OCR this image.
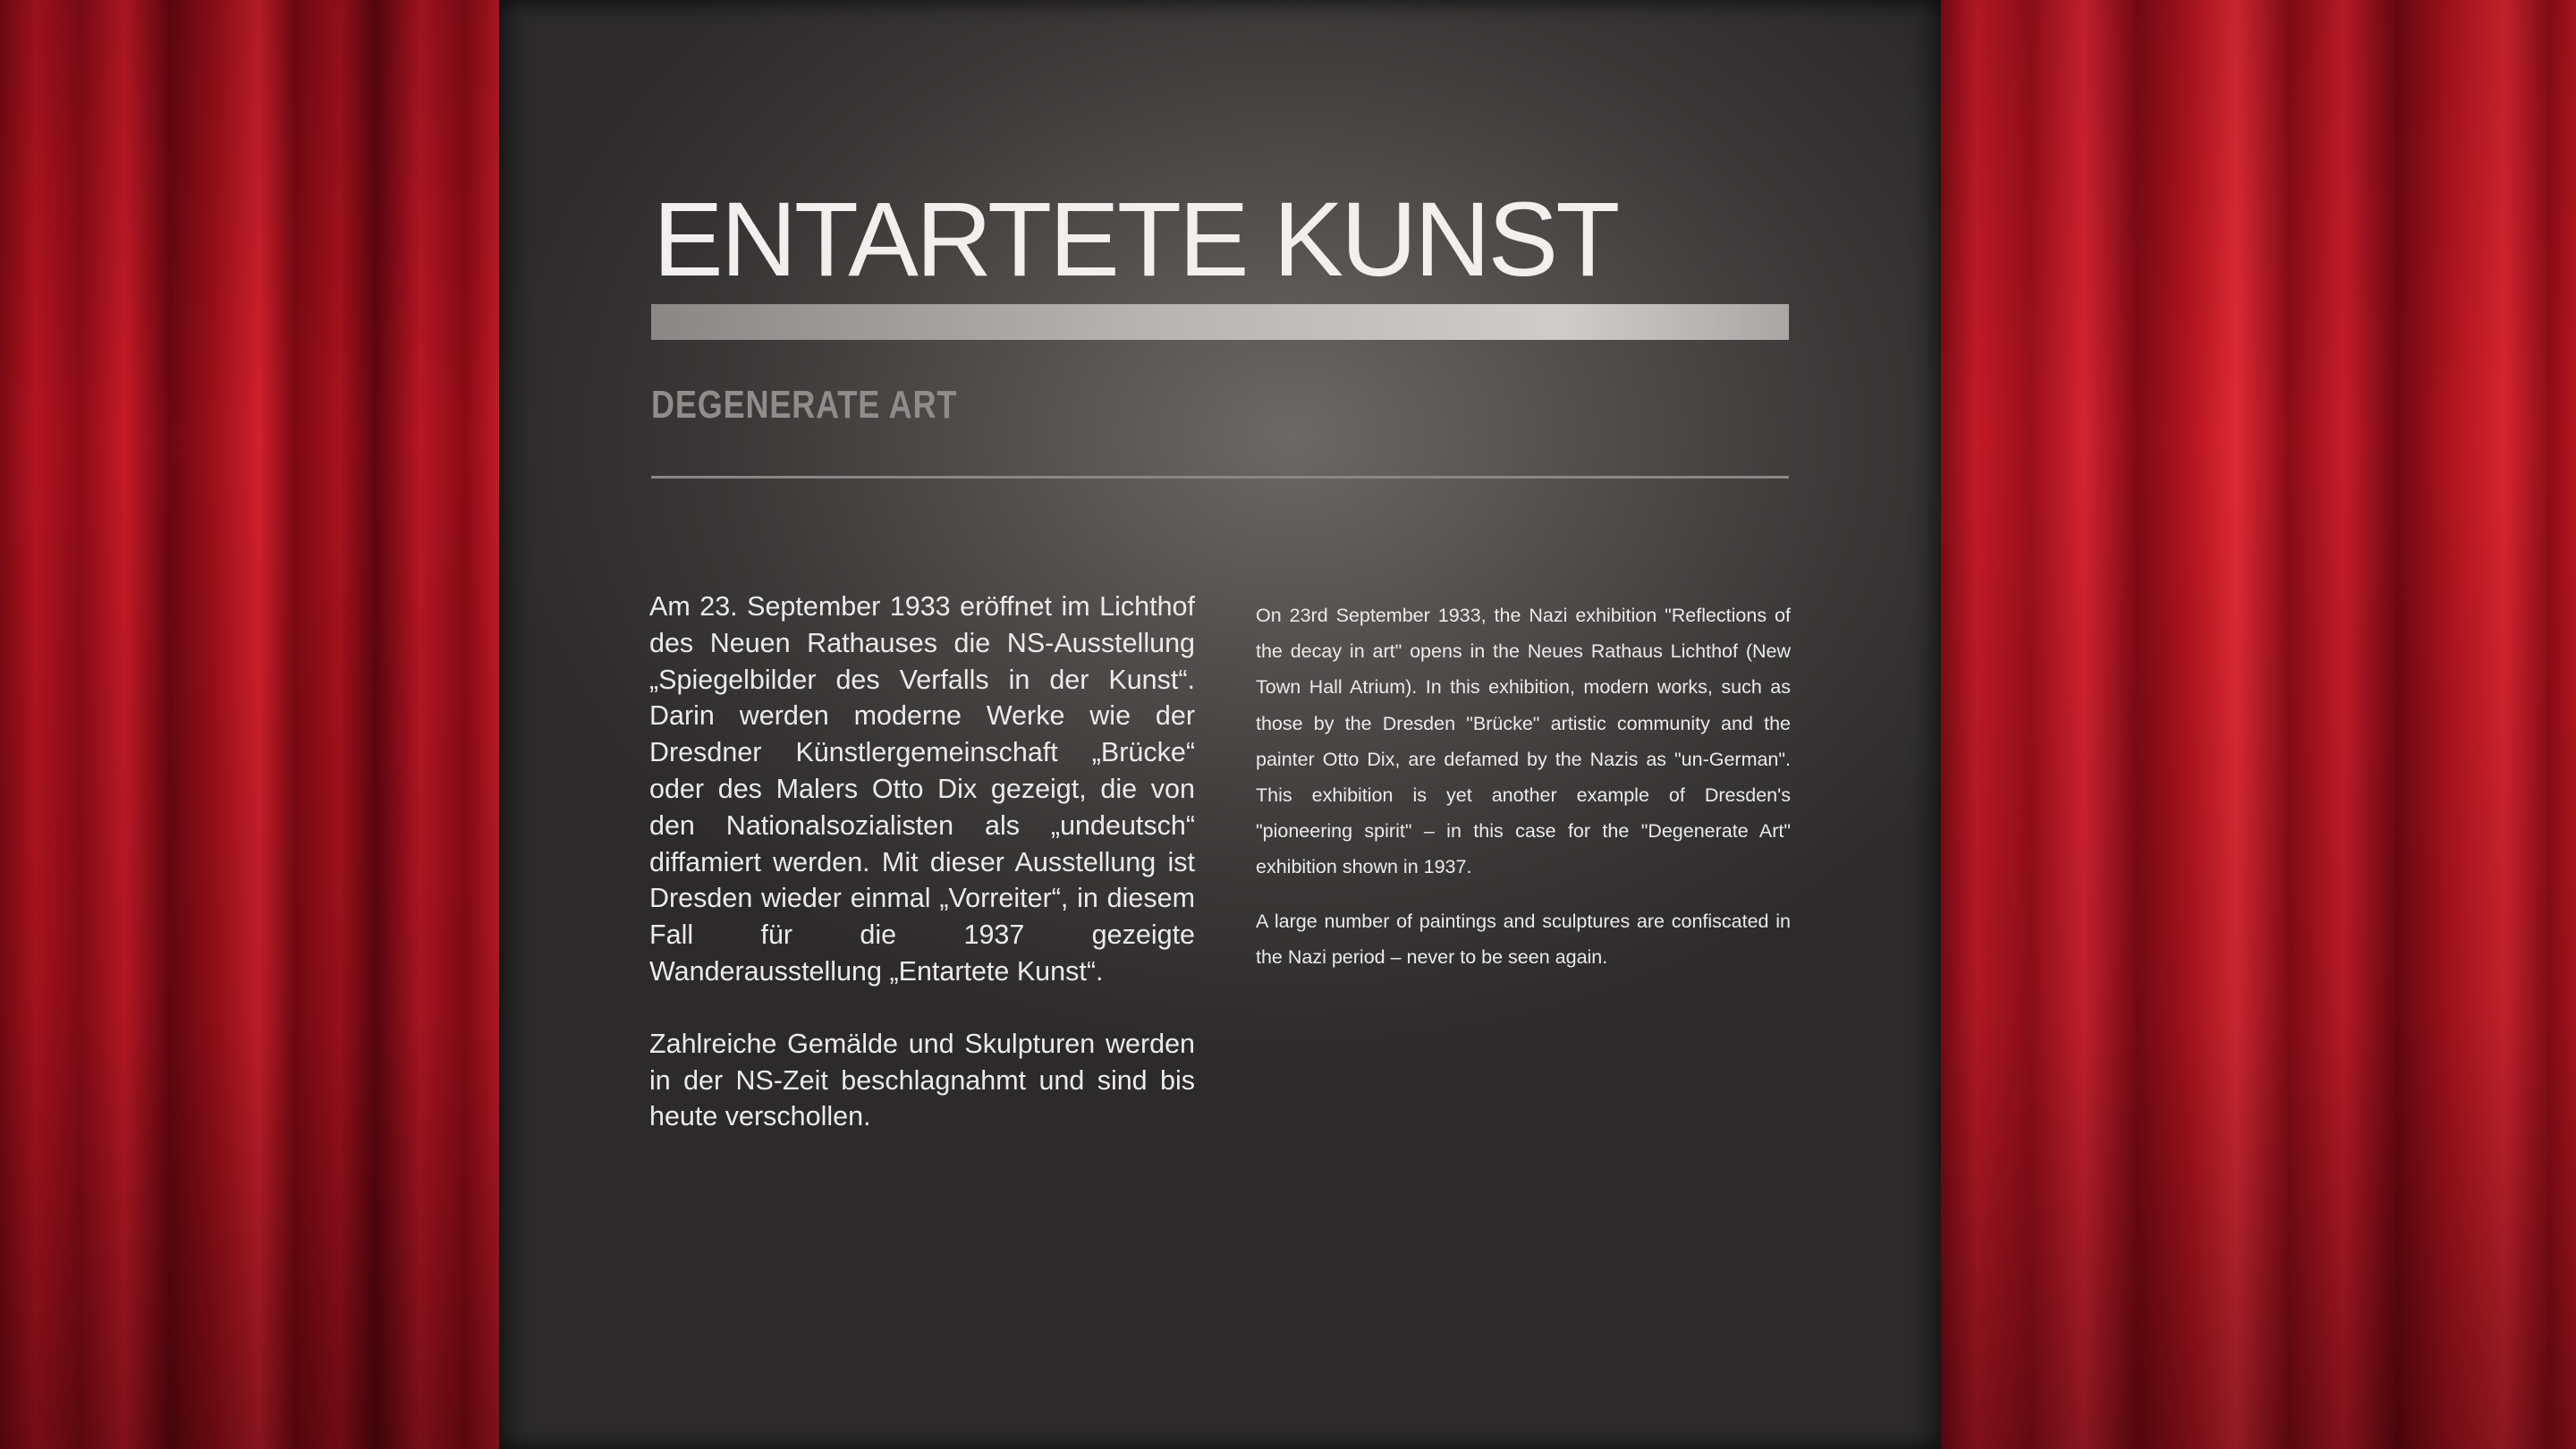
ENTARTETE KUNST
DEGENERATE ART

Am 23. September 1933 eröffnet im Lichthof des Neuen Rathauses die NS-Ausstellung „Spiegelbilder des Verfalls in der Kunst“. Darin werden moderne Werke wie der Dresdner Künstlergemeinschaft „Brücke“ oder des Malers Otto Dix gezeigt, die von den Nationalsozialisten als „undeutsch“ diffamiert werden. Mit dieser Ausstellung ist Dresden wieder einmal „Vorreiter“, in diesem Fall für die 1937 gezeigte Wanderausstellung „Entartete Kunst“.

Zahlreiche Gemälde und Skulpturen werden in der NS-Zeit beschlagnahmt und sind bis heute verschollen.

On 23rd September 1933, the Nazi exhibition "Reflections of the decay in art" opens in the Neues Rathaus Lichthof (New Town Hall Atrium). In this exhibition, modern works, such as those by the Dresden "Brücke" artistic community and the painter Otto Dix, are defamed by the Nazis as "un-German". This exhibition is yet another example of Dresden's "pioneering spirit" – in this case for the "Degenerate Art" exhibition shown in 1937.

A large number of paintings and sculptures are confiscated in the Nazi period – never to be seen again.
